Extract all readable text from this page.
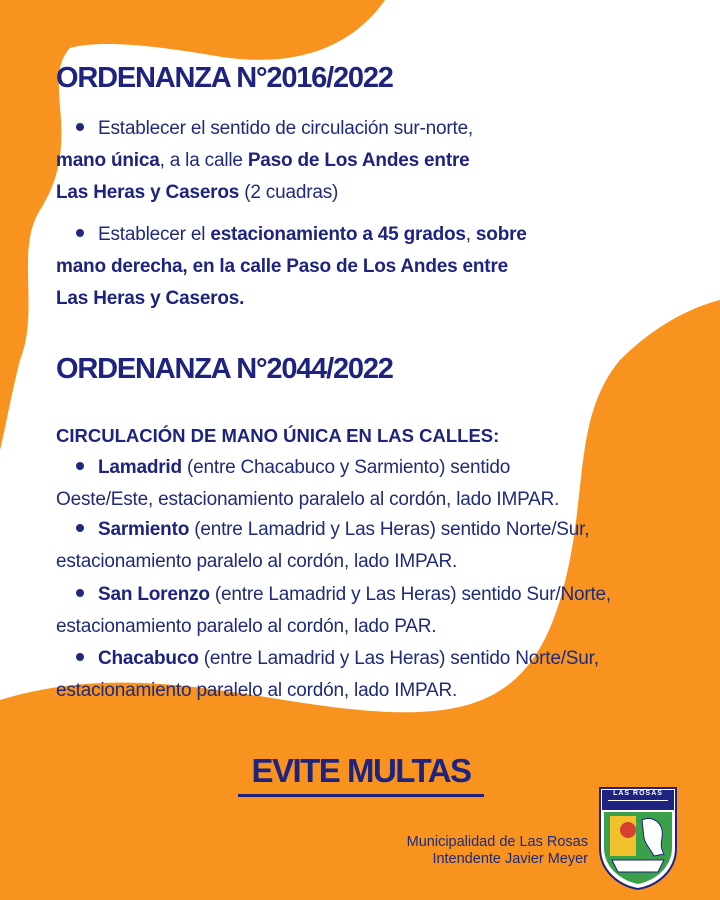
ORDENANZA N°2016/2022

Establecer el sentido de circulación sur-norte,
mano única, a la calle Paso de Los Andes entre
Las Heras y Caseros (2 cuadras)

Establecer el estacionamiento a 45 grados, sobre
mano derecha, en la calle Paso de Los Andes entre
Las Heras y Caseros.

ORDENANZA N°2044/2022

CIRCULACIÓN DE MANO ÚNICA EN LAS CALLES:

Lamadrid (entre Chacabuco y Sarmiento) sentido
Oeste/Este, estacionamiento paralelo al cordón, lado IMPAR.

Sarmiento (entre Lamadrid y Las Heras) sentido Norte/Sur,
estacionamiento paralelo al cordón, lado IMPAR.

San Lorenzo (entre Lamadrid y Las Heras) sentido Sur/Norte,
estacionamiento paralelo al cordón, lado PAR.

Chacabuco (entre Lamadrid y Las Heras) sentido Norte/Sur,
estacionamiento paralelo al cordón, lado IMPAR.

EVITE MULTAS
Municipalidad de Las Rosas
Intendente Javier Meyer
LAS ROSAS
